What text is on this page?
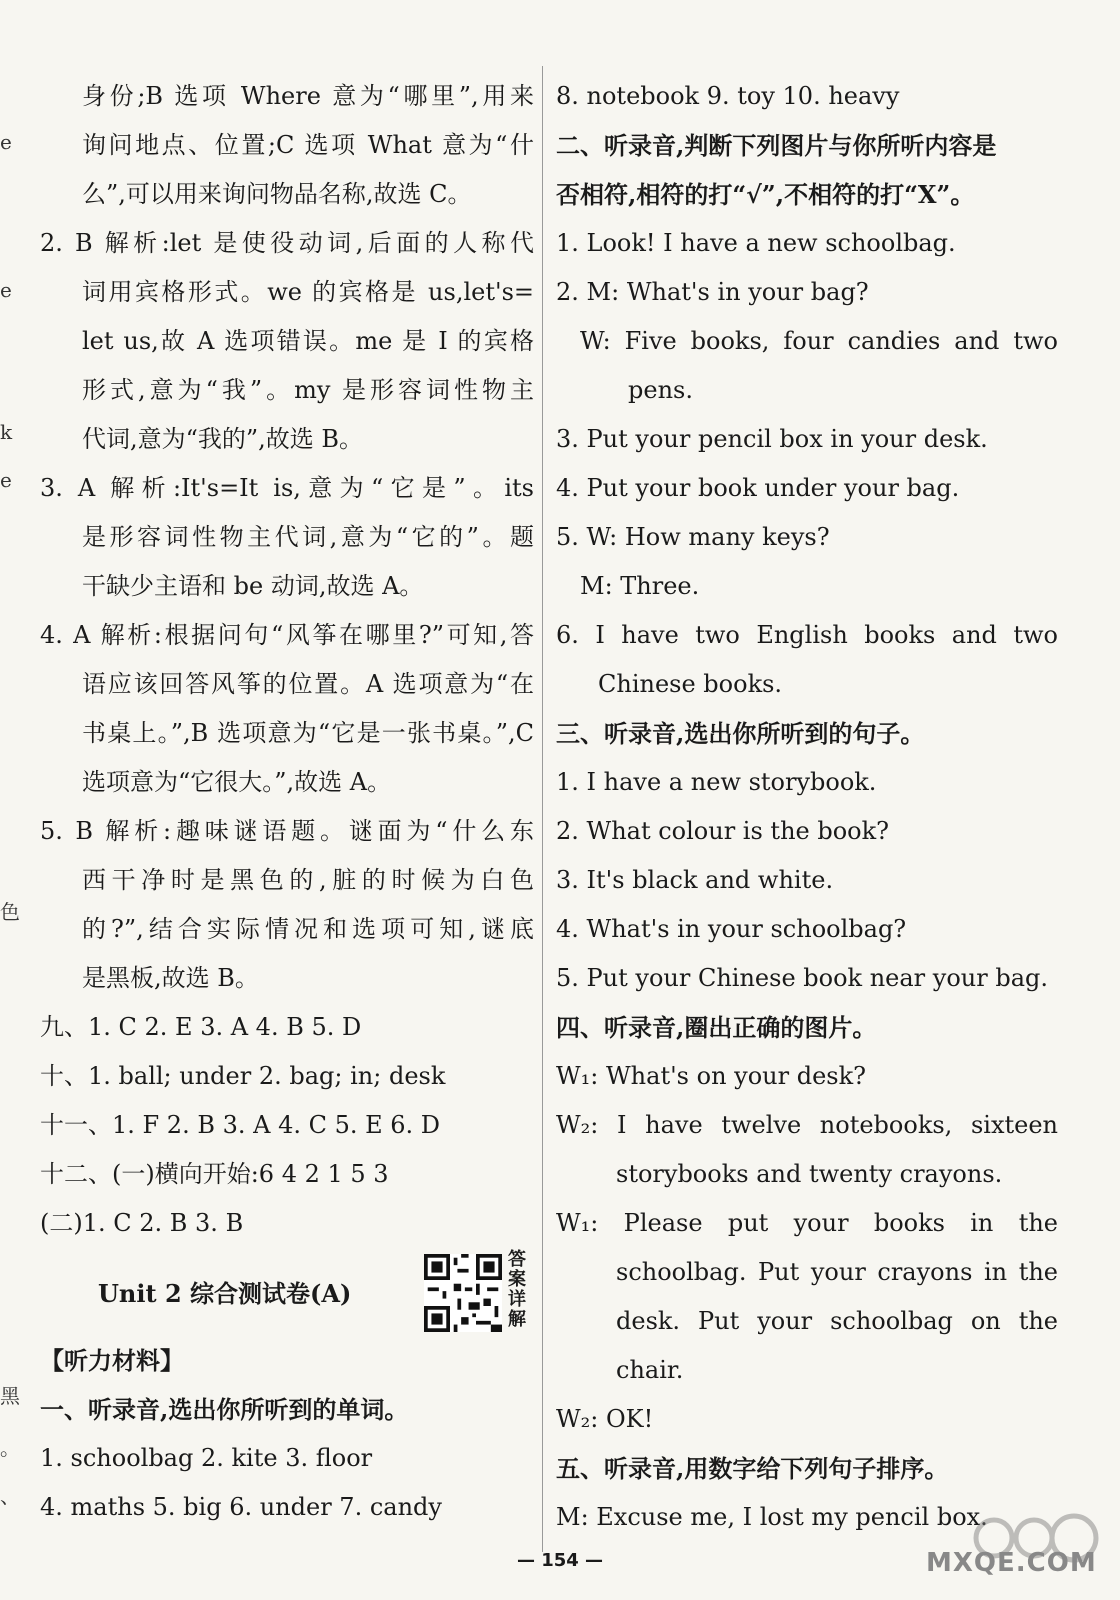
e
e
k
e
色
黑
。
、
身份;B 选项 Where 意为“哪里”,用来
询问地点、位置;C 选项 What 意为“什
么”,可以用来询问物品名称,故选 C。
2. B 解析:let 是使役动词,后面的人称代
词用宾格形式。we 的宾格是 us,let's=
let us,故 A 选项错误。me 是 I 的宾格
形式,意为“我”。my 是形容词性物主
代词,意为“我的”,故选 B。
3. A 解析:It's=It is,意为“它是”。its
是形容词性物主代词,意为“它的”。题
干缺少主语和 be 动词,故选 A。
4. A 解析:根据问句“风筝在哪里?”可知,答
语应该回答风筝的位置。A 选项意为“在
书桌上。”,B 选项意为“它是一张书桌。”,C
选项意为“它很大。”,故选 A。
5. B 解析:趣味谜语题。谜面为“什么东
西干净时是黑色的,脏的时候为白色
的?”,结合实际情况和选项可知,谜底
是黑板,故选 B。
九、1. C 2. E 3. A 4. B 5. D
十、1. ball; under 2. bag; in; desk
十一、1. F 2. B 3. A 4. C 5. E 6. D
十二、(一)横向开始:6 4 2 1 5 3
(二)1. C 2. B 3. B
Unit 2 综合测试卷(A)
答案详解
【听力材料】
一、听录音,选出你所听到的单词。
1. schoolbag 2. kite 3. floor
4. maths 5. big 6. under 7. candy
8. notebook 9. toy 10. heavy
二、听录音,判断下列图片与你所听内容是
否相符,相符的打“√”,不相符的打“X”。
1. Look! I have a new schoolbag.
2. M: What's in your bag?
W: Five books, four candies and two
pens.
3. Put your pencil box in your desk.
4. Put your book under your bag.
5. W: How many keys?
M: Three.
6. I have two English books and two
Chinese books.
三、听录音,选出你所听到的句子。
1. I have a new storybook.
2. What colour is the book?
3. It's black and white.
4. What's in your schoolbag?
5. Put your Chinese book near your bag.
四、听录音,圈出正确的图片。
W₁: What's on your desk?
W₂: I have twelve notebooks, sixteen
storybooks and twenty crayons.
W₁: Please put your books in the
schoolbag. Put your crayons in the
desk. Put your schoolbag on the
chair.
W₂: OK!
五、听录音,用数字给下列句子排序。
M: Excuse me, I lost my pencil box.
— 154 —	MXQE.COM
